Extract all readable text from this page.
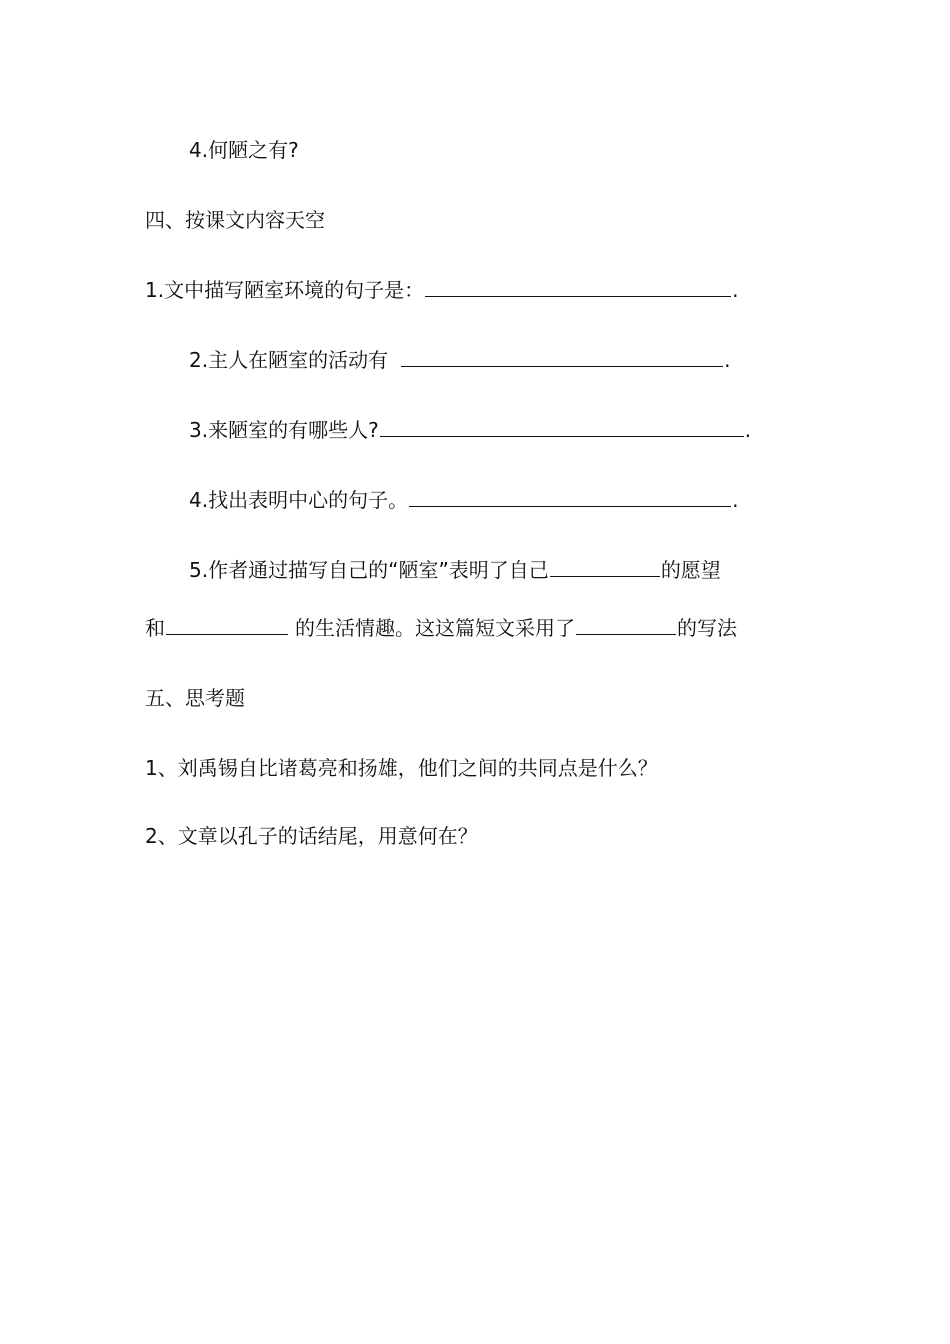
4.何陋之有?
四、按课文内容天空
1.文中描写陋室环境的句子是：	.
2.主人在陋室的活动有	.
3.来陋室的有哪些人?	.
4.找出表明中心的句子。	.
5.作者通过描写自己的“陋室”表明了自己	的愿望
和	的生活情趣。这这篇短文采用了	的写法
五、思考题
1、刘禹锡自比诸葛亮和扬雄，他们之间的共同点是什么？
2、文章以孔子的话结尾，用意何在？
